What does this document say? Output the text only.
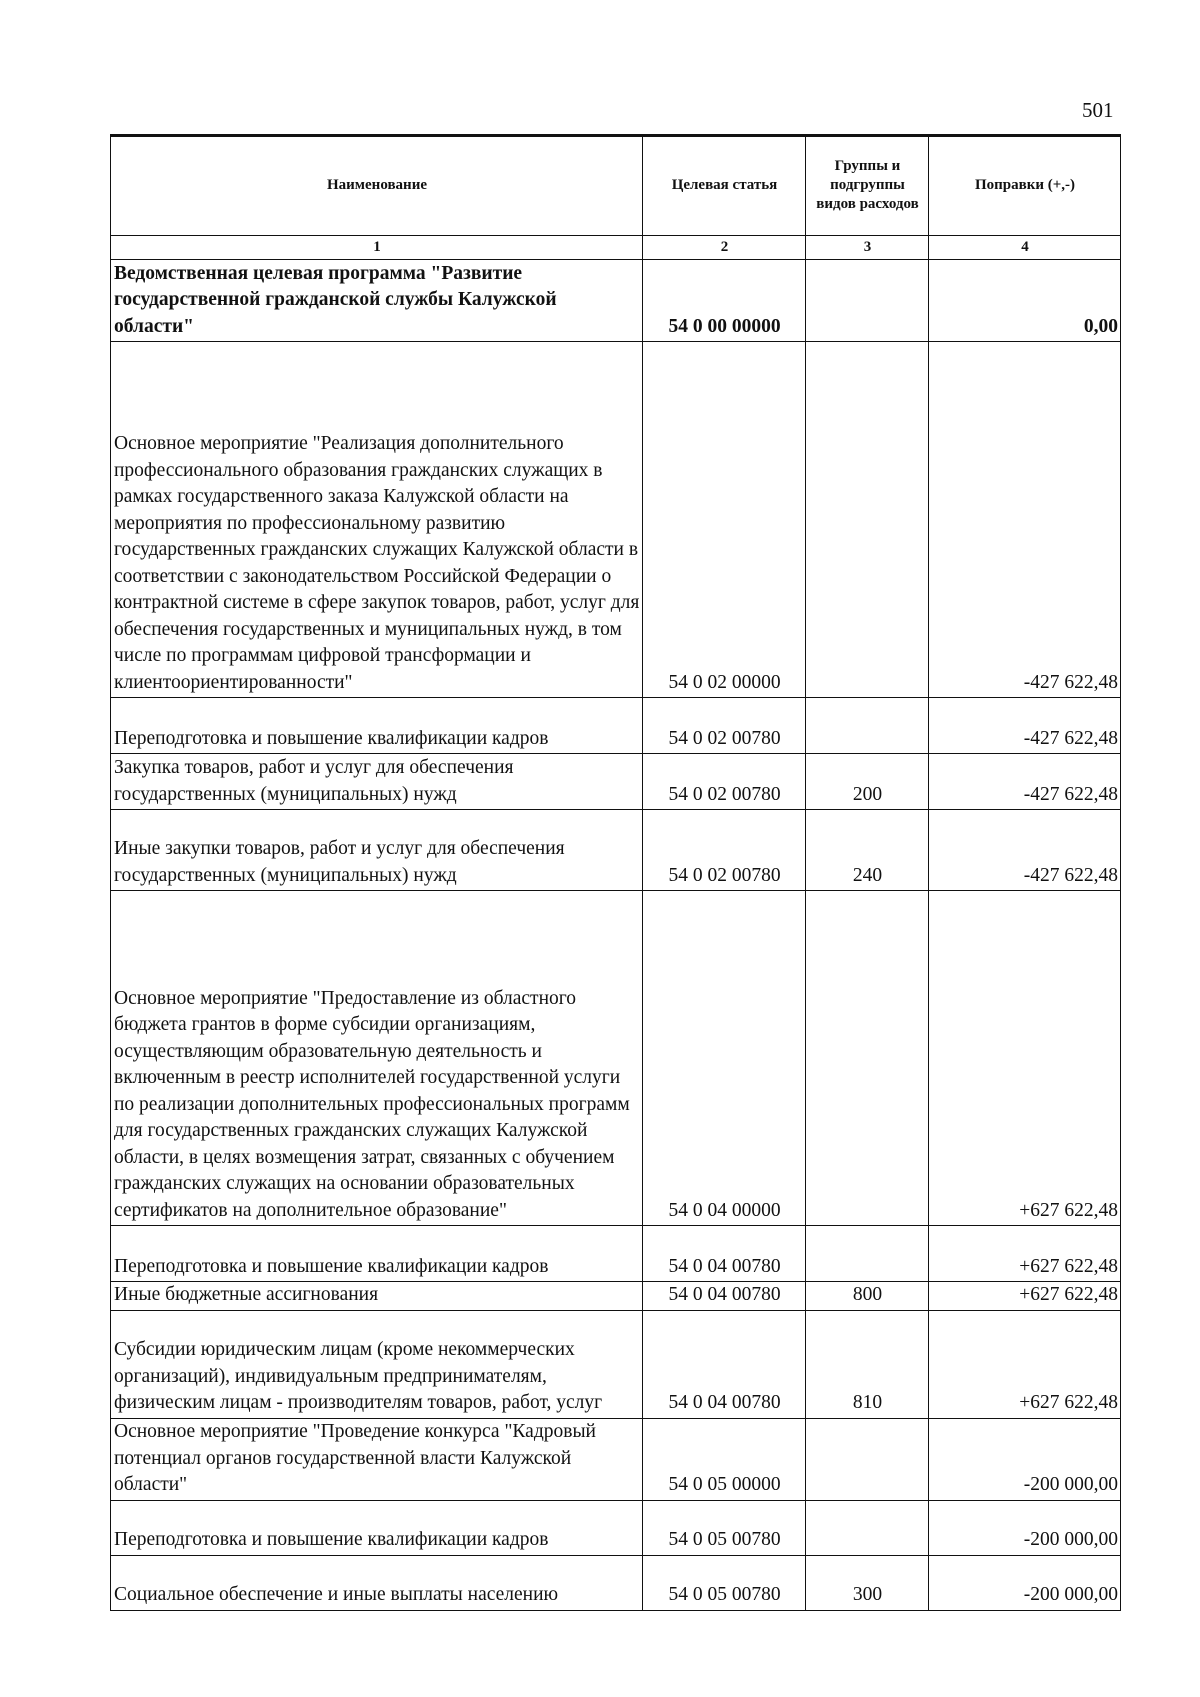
501
Наименование	Целевая статья	Группы и подгруппы видов расходов	Поправки (+,-)
1	2	3	4
Ведомственная целевая программа "Развитие государственной гражданской службы Калужской области"	54 0 00 00000		0,00
Основное мероприятие "Реализация дополнительного профессионального образования гражданских служащих в рамках государственного заказа Калужской области на мероприятия по профессиональному развитию государственных гражданских служащих Калужской области в соответствии с законодательством Российской Федерации о контрактной системе в сфере закупок товаров, работ, услуг для обеспечения государственных и муниципальных нужд, в том числе по программам цифровой трансформации и клиентоориентированности"	54 0 02 00000		-427 622,48
Переподготовка и повышение квалификации кадров	54 0 02 00780		-427 622,48
Закупка товаров, работ и услуг для обеспечения государственных (муниципальных) нужд	54 0 02 00780	200	-427 622,48
Иные закупки товаров, работ и услуг для обеспечения государственных (муниципальных) нужд	54 0 02 00780	240	-427 622,48
Основное мероприятие "Предоставление из областного бюджета грантов в форме субсидии организациям, осуществляющим образовательную деятельность и включенным в реестр исполнителей государственной услуги по реализации дополнительных профессиональных программ для государственных гражданских служащих Калужской области, в целях возмещения затрат, связанных с обучением гражданских служащих на основании образовательных сертификатов на дополнительное образование"	54 0 04 00000		+627 622,48
Переподготовка и повышение квалификации кадров	54 0 04 00780		+627 622,48
Иные бюджетные ассигнования	54 0 04 00780	800	+627 622,48
Субсидии юридическим лицам (кроме некоммерческих организаций), индивидуальным предпринимателям, физическим лицам - производителям товаров, работ, услуг	54 0 04 00780	810	+627 622,48
Основное мероприятие "Проведение конкурса "Кадровый потенциал органов государственной власти Калужской области"	54 0 05 00000		-200 000,00
Переподготовка и повышение квалификации кадров	54 0 05 00780		-200 000,00
Социальное обеспечение и иные выплаты населению	54 0 05 00780	300	-200 000,00
